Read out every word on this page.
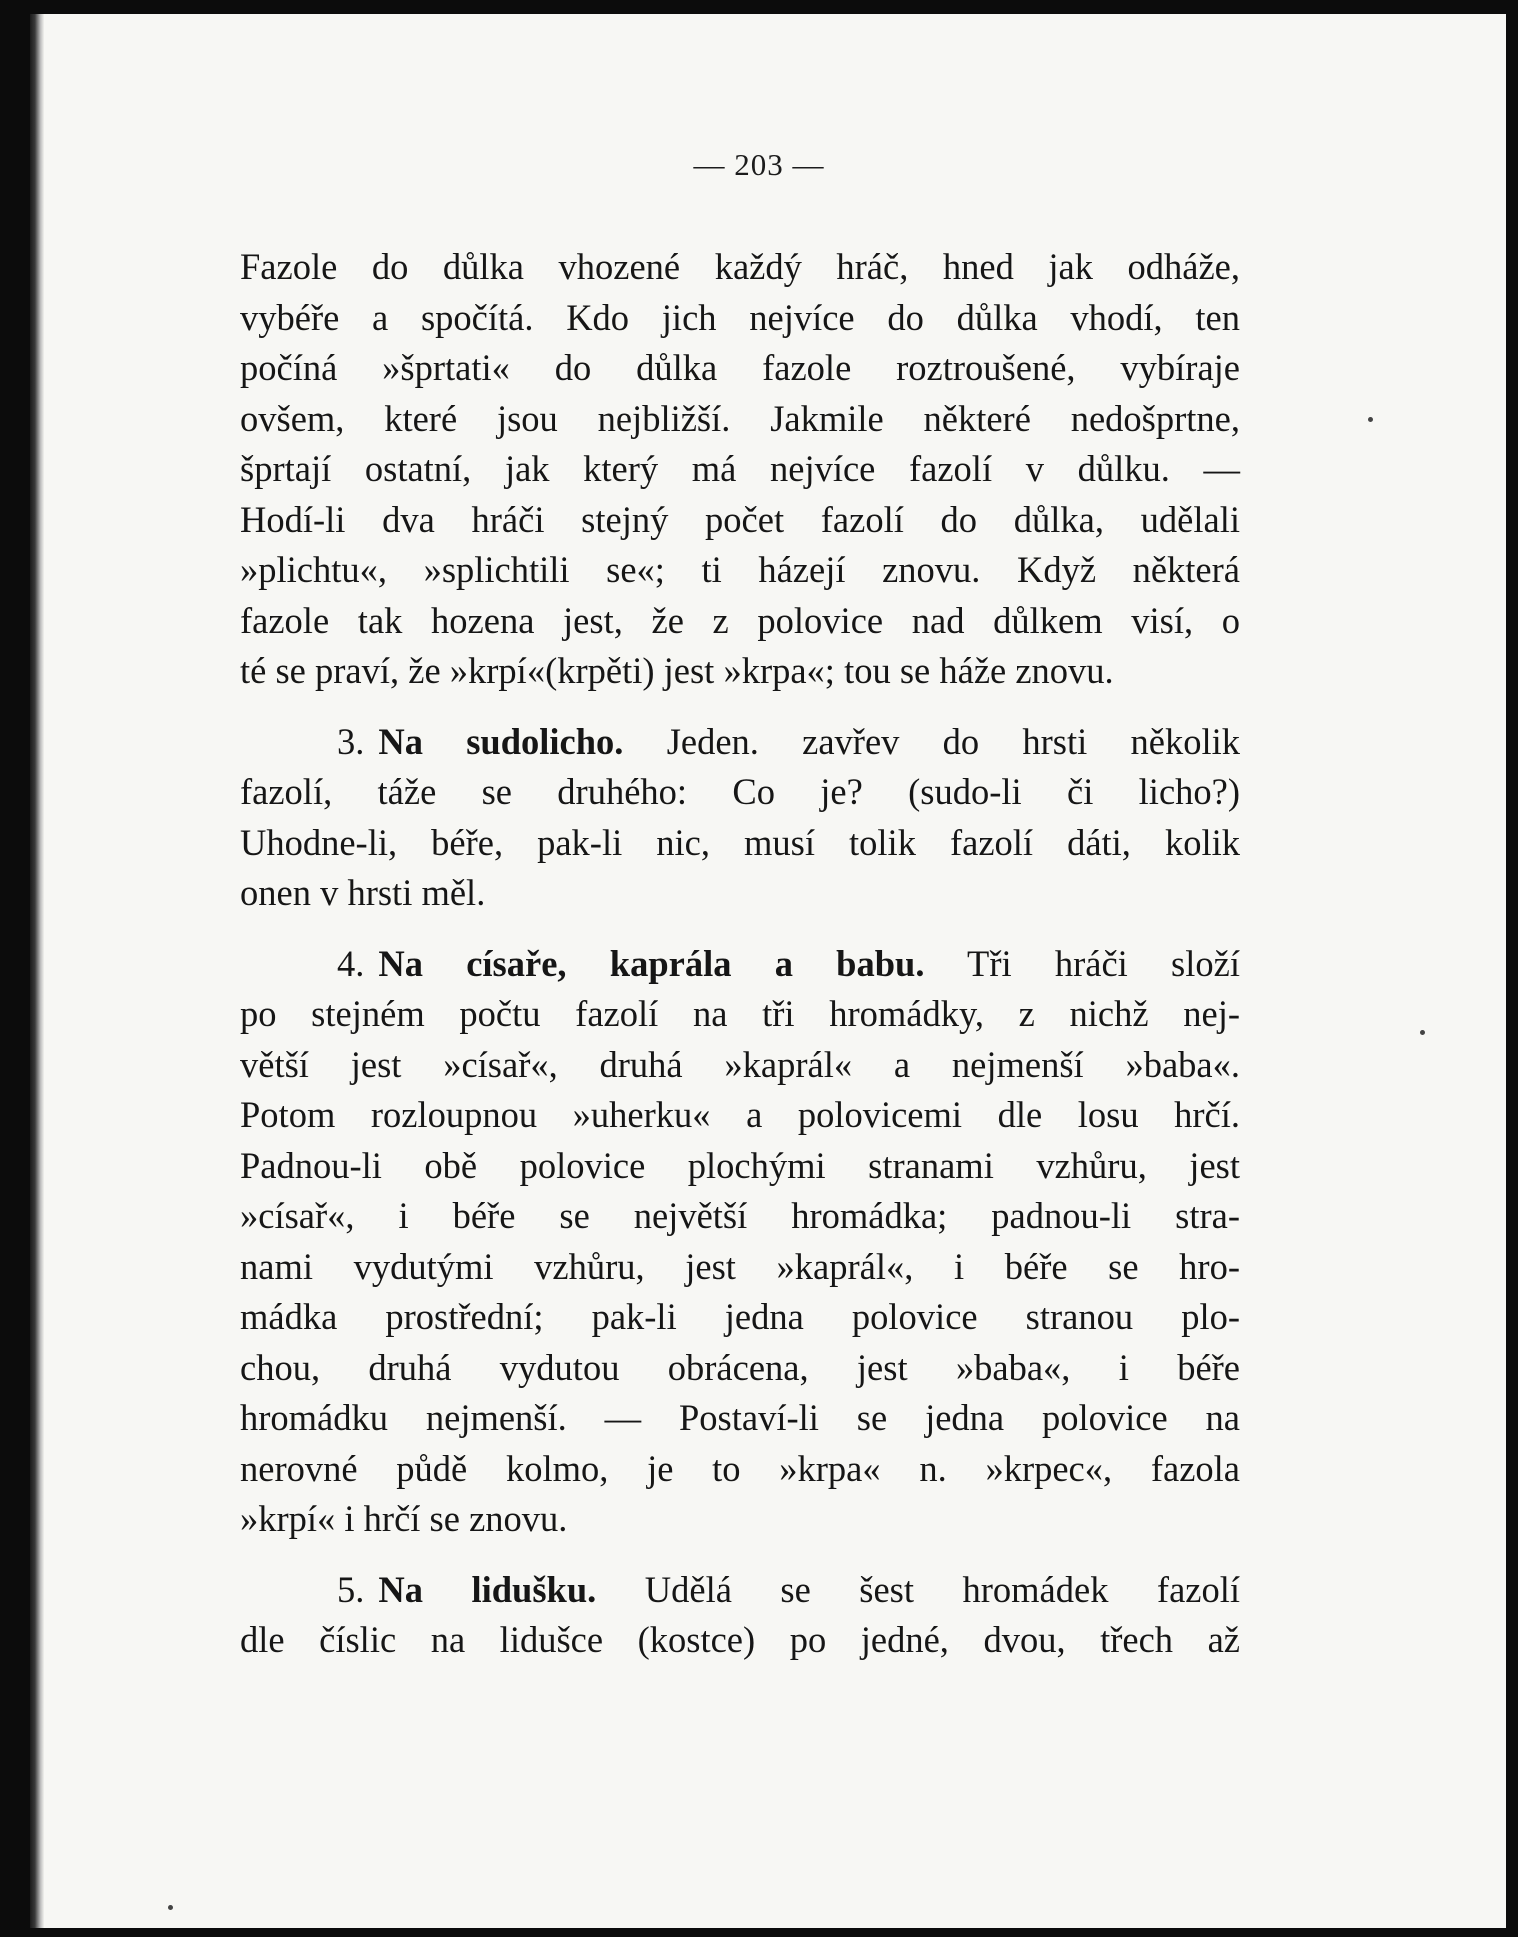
— 203 —

Fazole do důlka vhozené každý hráč, hned jak odháže,
vybéře a spočítá. Kdo jich nejvíce do důlka vhodí, ten
počíná »šprtati« do důlka fazole roztroušené, vybíraje
ovšem, které jsou nejbližší. Jakmile některé nedošprtne,
šprtají ostatní, jak který má nejvíce fazolí v důlku. —
Hodí-li dva hráči stejný počet fazolí do důlka, udělali
»plichtu«, »splichtili se«; ti házejí znovu. Když některá
fazole tak hozena jest, že z polovice nad důlkem visí, o
té se praví, že »krpí«(krpěti) jest »krpa«; tou se háže znovu.

3. Na sudolicho. Jeden. zavřev do hrsti několik
fazolí, táže se druhého: Co je? (sudo-li či licho?)
Uhodne-li, béře, pak-li nic, musí tolik fazolí dáti, kolik
onen v hrsti měl.

4. Na císaře, kaprála a babu. Tři hráči složí
po stejném počtu fazolí na tři hromádky, z nichž nej-
větší jest »císař«, druhá »kaprál« a nejmenší »baba«.
Potom rozloupnou »uherku« a polovicemi dle losu hrčí.
Padnou-li obě polovice plochými stranami vzhůru, jest
»císař«, i béře se největší hromádka; padnou-li stra-
nami vydutými vzhůru, jest »kaprál«, i béře se hro-
mádka prostřední; pak-li jedna polovice stranou plo-
chou, druhá vydutou obrácena, jest »baba«, i béře
hromádku nejmenší. — Postaví-li se jedna polovice na
nerovné půdě kolmo, je to »krpa« n. »krpec«, fazola
»krpí« i hrčí se znovu.

5. Na lidušku. Udělá se šest hromádek fazolí
dle číslic na lidušce (kostce) po jedné, dvou, třech až
